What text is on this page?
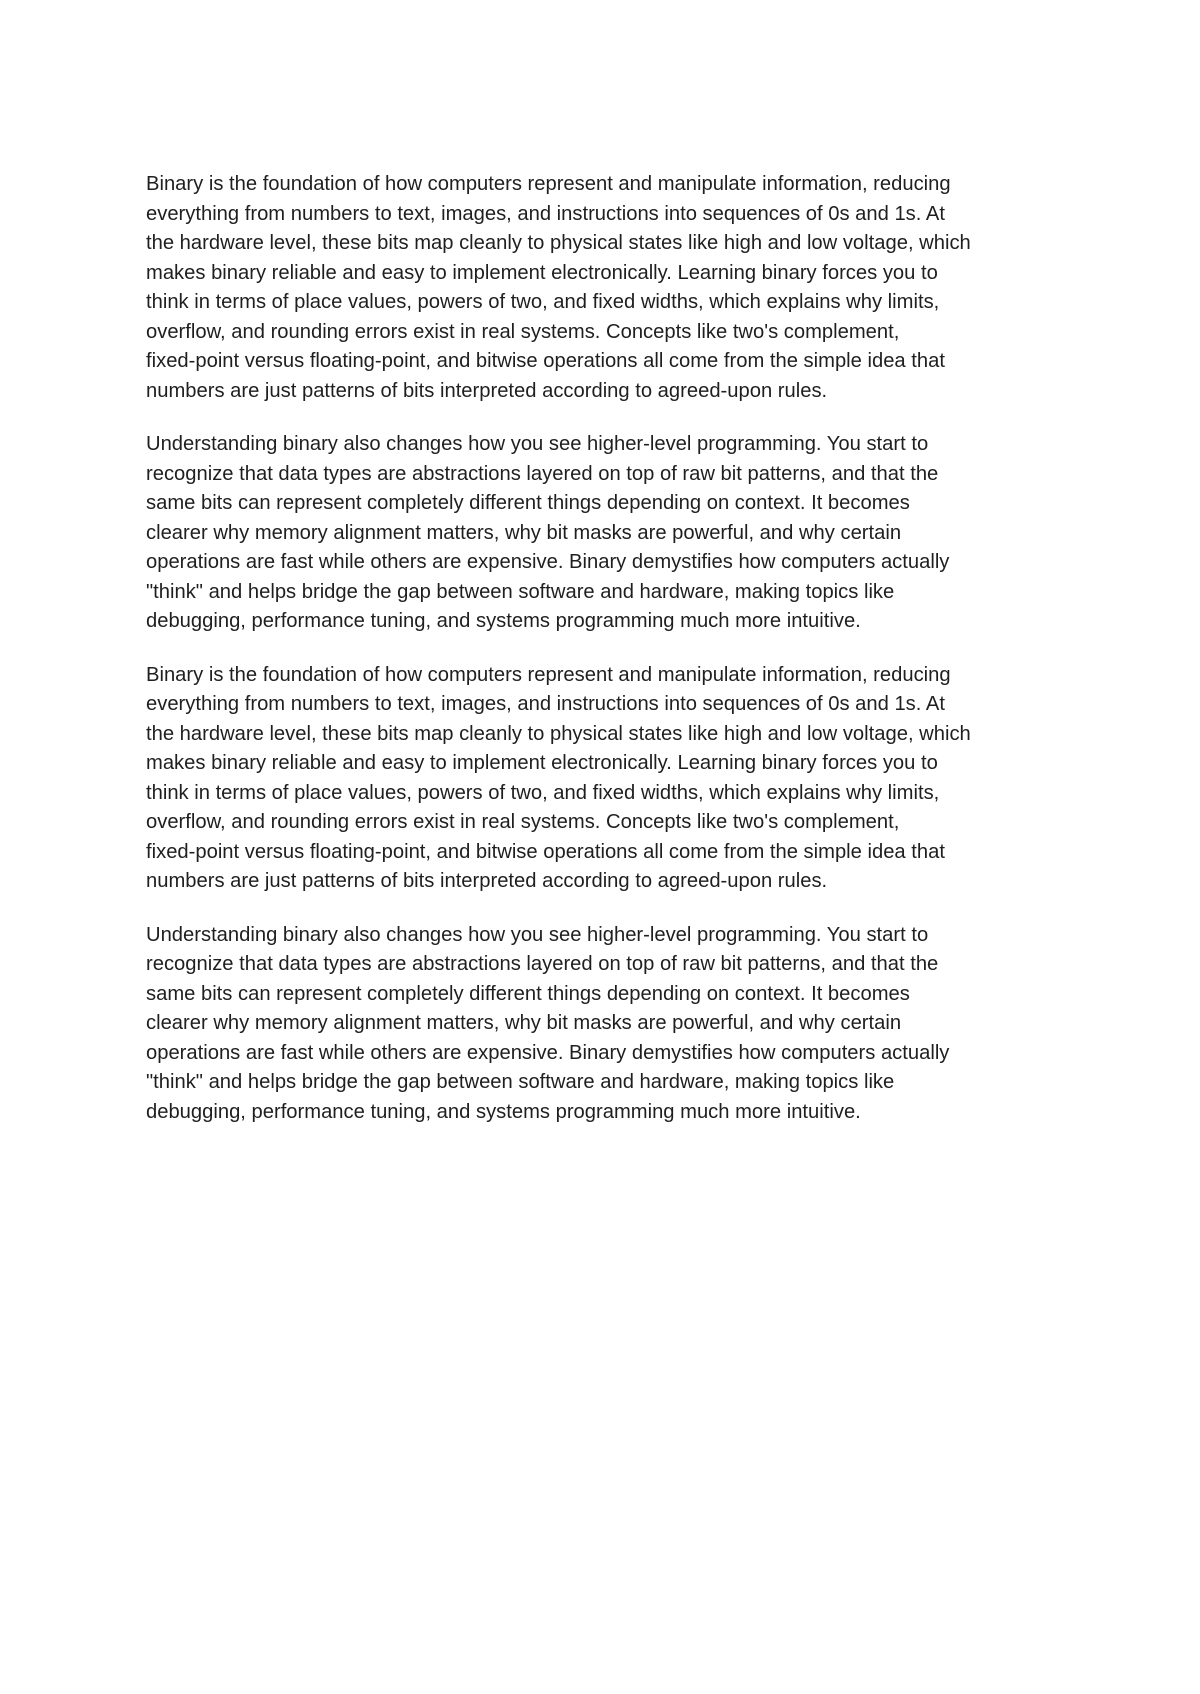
Binary is the foundation of how computers represent and manipulate information, reducing
everything from numbers to text, images, and instructions into sequences of 0s and 1s. At
the hardware level, these bits map cleanly to physical states like high and low voltage, which
makes binary reliable and easy to implement electronically. Learning binary forces you to
think in terms of place values, powers of two, and fixed widths, which explains why limits,
overflow, and rounding errors exist in real systems. Concepts like two's complement,
fixed-point versus floating-point, and bitwise operations all come from the simple idea that
numbers are just patterns of bits interpreted according to agreed-upon rules.

Understanding binary also changes how you see higher-level programming. You start to
recognize that data types are abstractions layered on top of raw bit patterns, and that the
same bits can represent completely different things depending on context. It becomes
clearer why memory alignment matters, why bit masks are powerful, and why certain
operations are fast while others are expensive. Binary demystifies how computers actually
"think" and helps bridge the gap between software and hardware, making topics like
debugging, performance tuning, and systems programming much more intuitive.

Binary is the foundation of how computers represent and manipulate information, reducing
everything from numbers to text, images, and instructions into sequences of 0s and 1s. At
the hardware level, these bits map cleanly to physical states like high and low voltage, which
makes binary reliable and easy to implement electronically. Learning binary forces you to
think in terms of place values, powers of two, and fixed widths, which explains why limits,
overflow, and rounding errors exist in real systems. Concepts like two's complement,
fixed-point versus floating-point, and bitwise operations all come from the simple idea that
numbers are just patterns of bits interpreted according to agreed-upon rules.

Understanding binary also changes how you see higher-level programming. You start to
recognize that data types are abstractions layered on top of raw bit patterns, and that the
same bits can represent completely different things depending on context. It becomes
clearer why memory alignment matters, why bit masks are powerful, and why certain
operations are fast while others are expensive. Binary demystifies how computers actually
"think" and helps bridge the gap between software and hardware, making topics like
debugging, performance tuning, and systems programming much more intuitive.
